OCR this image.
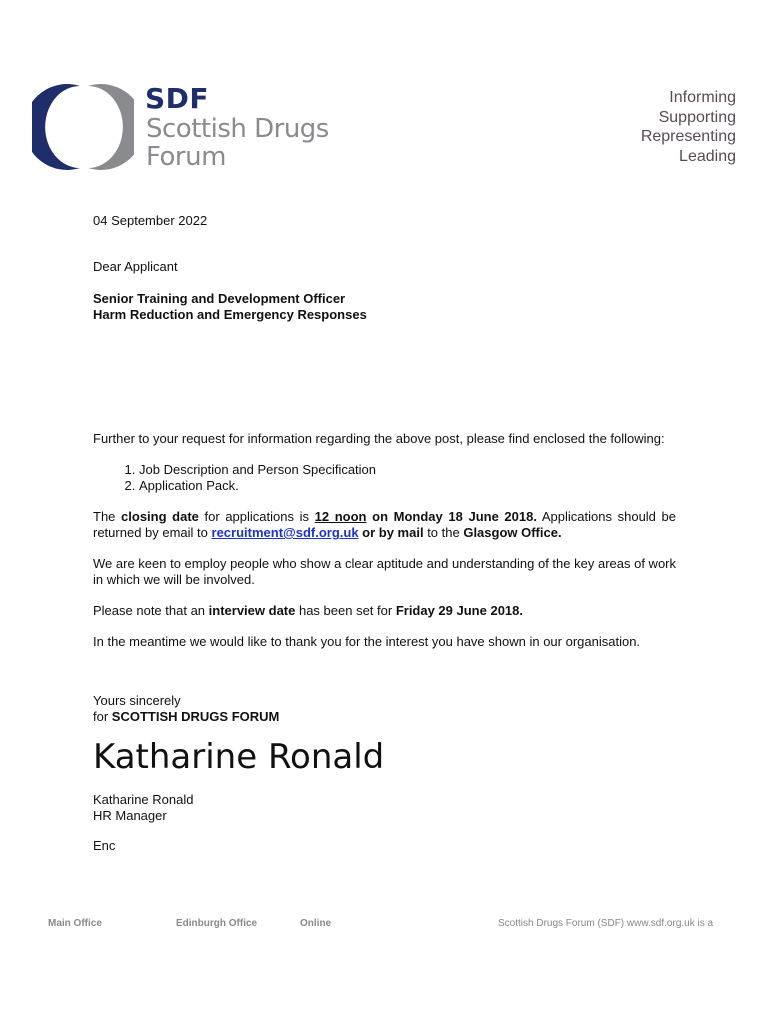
SDF
Scottish Drugs
Forum
Informing
Supporting
Representing
Leading
04 September 2022
Dear Applicant
Senior Training and Development Officer
Harm Reduction and Emergency Responses

Further to your request for information regarding the above post, please find enclosed the following:

1. Job Description and Person Specification
2. Application Pack.

The closing date for applications is 12 noon on Monday 18 June 2018. Applications should be returned by email to recruitment@sdf.org.uk or by mail to the Glasgow Office.

We are keen to employ people who show a clear aptitude and understanding of the key areas of work in which we will be involved.

Please note that an interview date has been set for Friday 29 June 2018.

In the meantime we would like to thank you for the interest you have shown in our organisation.

Yours sincerely
for SCOTTISH DRUGS FORUM
Katharine Ronald
Katharine Ronald
HR Manager
Enc
Main Office	Edinburgh Office	Online	Scottish Drugs Forum (SDF) www.sdf.org.uk is a
